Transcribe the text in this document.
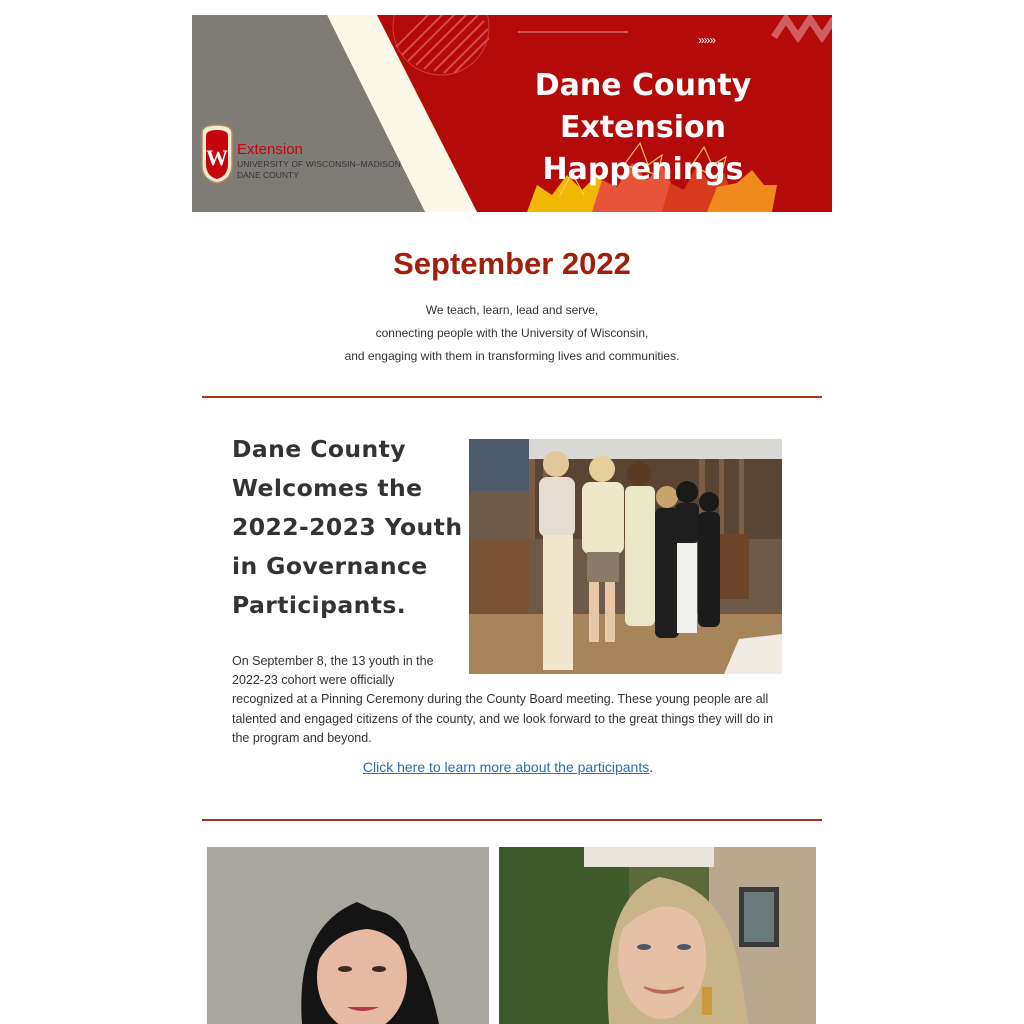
W Extension
UNIVERSITY OF WISCONSIN–MADISON
DANE COUNTY
»»»
Dane County Extension
Happenings
September 2022
We teach, learn, lead and serve,
connecting people with the University of Wisconsin,
and engaging with them in transforming lives and communities.
Dane County Welcomes the 2022-2023 Youth in Governance Participants.
On September 8, the 13 youth in the 2022-23 cohort were officially
recognized at a Pinning Ceremony during the County Board meeting. These young people are all talented and engaged citizens of the county, and we look forward to the great things they will do in the program and beyond.
Click here to learn more about the participants.
